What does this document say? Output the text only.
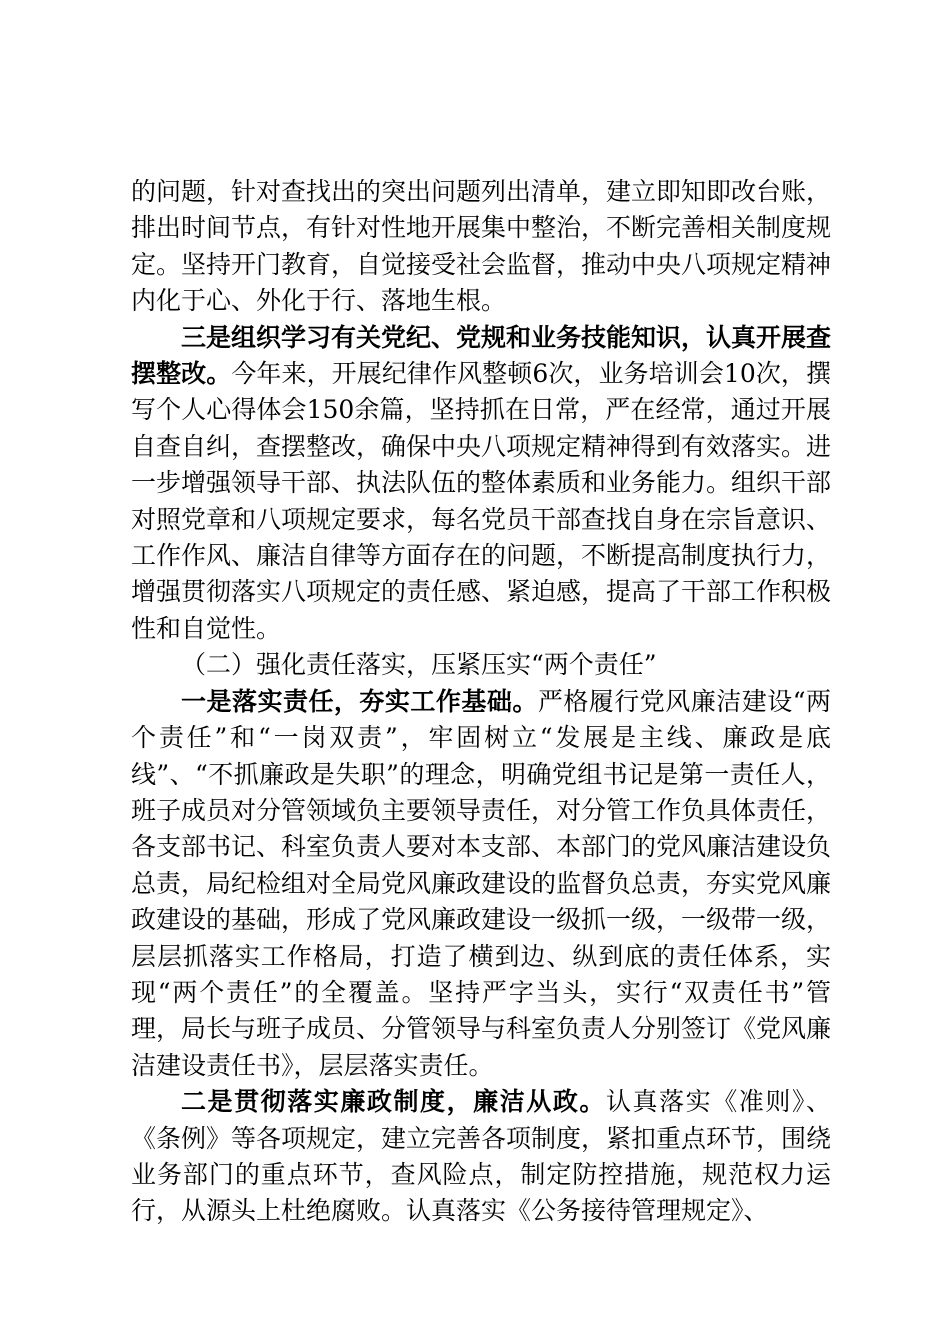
的问题，针对查找出的突出问题列出清单，建立即知即改台账，排出时间节点，有针对性地开展集中整治，不断完善相关制度规定。坚持开门教育，自觉接受社会监督，推动中央八项规定精神内化于心、外化于行、落地生根。

三是组织学习有关党纪、党规和业务技能知识，认真开展查摆整改。今年来，开展纪律作风整顿6次，业务培训会10次，撰写个人心得体会150余篇，坚持抓在日常，严在经常，通过开展自查自纠，查摆整改，确保中央八项规定精神得到有效落实。进一步增强领导干部、执法队伍的整体素质和业务能力。组织干部对照党章和八项规定要求，每名党员干部查找自身在宗旨意识、工作作风、廉洁自律等方面存在的问题，不断提高制度执行力，增强贯彻落实八项规定的责任感、紧迫感，提高了干部工作积极性和自觉性。

（二）强化责任落实，压紧压实“两个责任”

一是落实责任，夯实工作基础。严格履行党风廉洁建设“两个责任”和“一岗双责”，牢固树立“发展是主线、廉政是底线”、“不抓廉政是失职”的理念，明确党组书记是第一责任人，班子成员对分管领域负主要领导责任，对分管工作负具体责任，各支部书记、科室负责人要对本支部、本部门的党风廉洁建设负总责，局纪检组对全局党风廉政建设的监督负总责，夯实党风廉政建设的基础，形成了党风廉政建设一级抓一级，一级带一级，层层抓落实工作格局，打造了横到边、纵到底的责任体系，实现“两个责任”的全覆盖。坚持严字当头，实行“双责任书”管理，局长与班子成员、分管领导与科室负责人分别签订《党风廉洁建设责任书》，层层落实责任。

二是贯彻落实廉政制度，廉洁从政。认真落实《准则》、《条例》等各项规定，建立完善各项制度，紧扣重点环节，围绕业务部门的重点环节，查风险点，制定防控措施，规范权力运行，从源头上杜绝腐败。认真落实《公务接待管理规定》、
